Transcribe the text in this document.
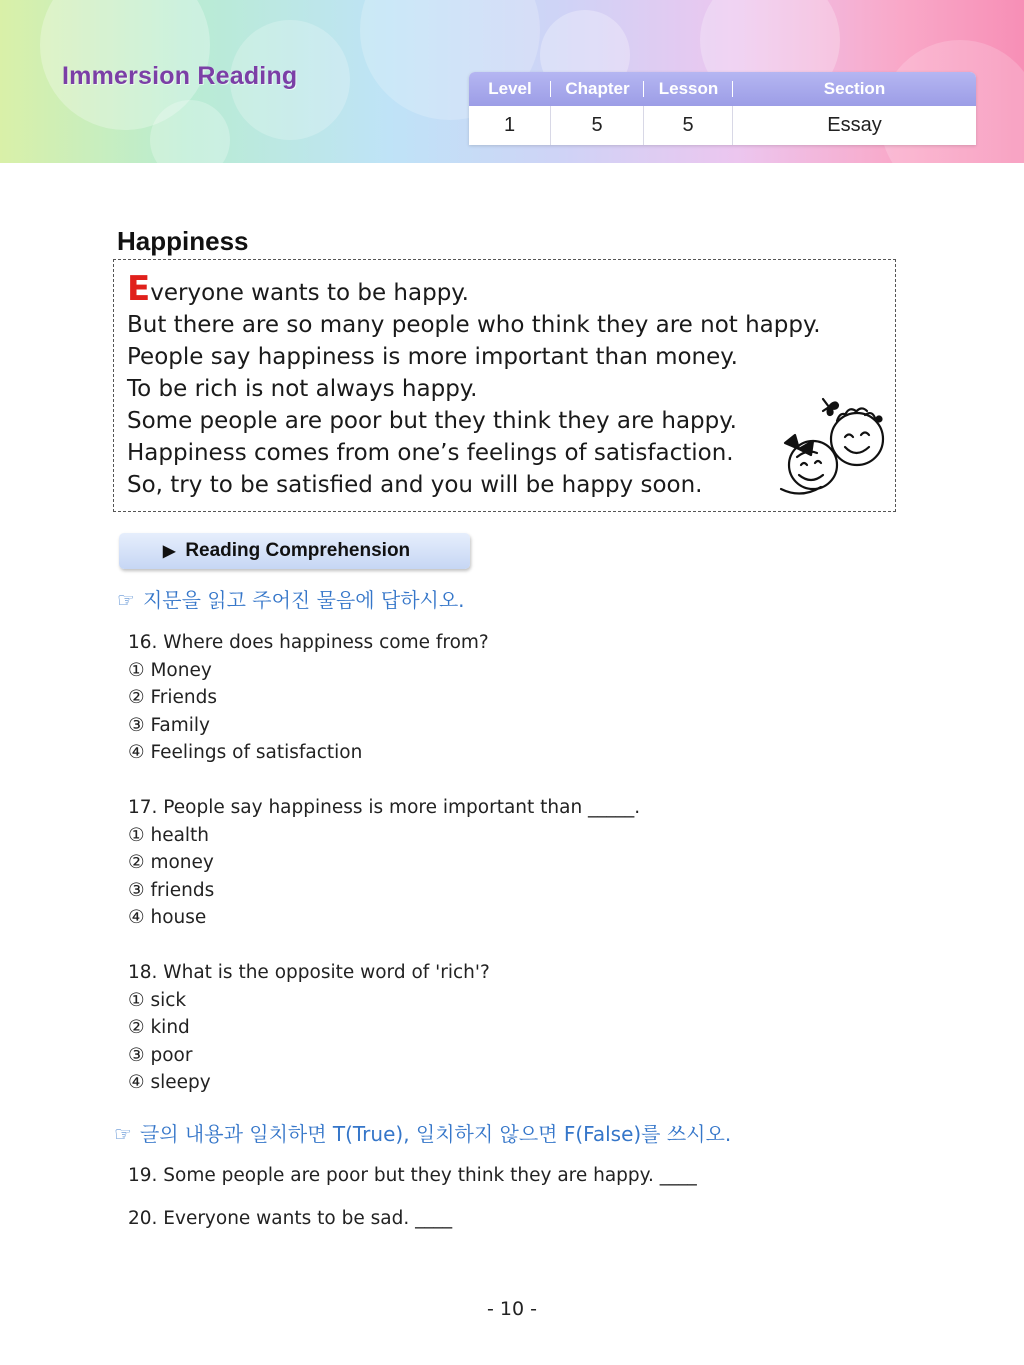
Immersion Reading	Level	Chapter	Lesson	Section
1	5	5	Essay
Happiness
Everyone wants to be happy.
But there are so many people who think they are not happy.
People say happiness is more important than money.
To be rich is not always happy.
Some people are poor but they think they are happy.
Happiness comes from one’s feelings of satisfaction.
So, try to be satisfied and you will be happy soon.
▶ Reading Comprehension
☞ 지문을 읽고 주어진 물음에 답하시오.
16. Where does happiness come from?
① Money
② Friends
③ Family
④ Feelings of satisfaction
17. People say happiness is more important than _____.
① health
② money
③ friends
④ house
18. What is the opposite word of 'rich'?
① sick
② kind
③ poor
④ sleepy
☞ 글의 내용과 일치하면 T(True), 일치하지 않으면 F(False)를 쓰시오.
19. Some people are poor but they think they are happy. ____
20. Everyone wants to be sad. ____
- 10 -
